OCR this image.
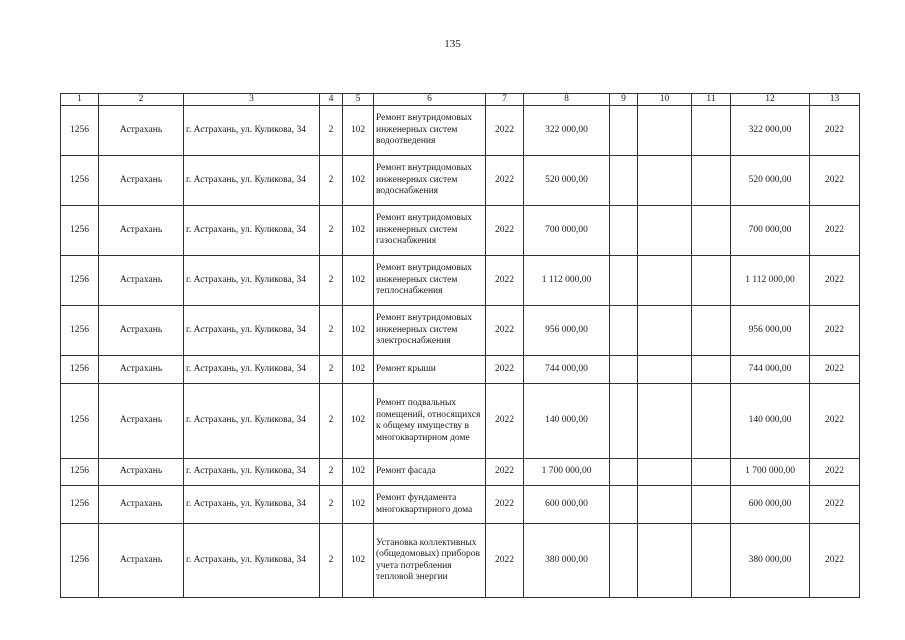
135
1	2	3	4	5	6	7	8	9	10	11	12	13
1256	Астрахань	г. Астрахань, ул. Куликова, 34	2	102	Ремонт внутридомовых инженерных систем водоотведения	2022	322 000,00				322 000,00	2022
1256	Астрахань	г. Астрахань, ул. Куликова, 34	2	102	Ремонт внутридомовых инженерных систем водоснабжения	2022	520 000,00				520 000,00	2022
1256	Астрахань	г. Астрахань, ул. Куликова, 34	2	102	Ремонт внутридомовых инженерных систем газоснабжения	2022	700 000,00				700 000,00	2022
1256	Астрахань	г. Астрахань, ул. Куликова, 34	2	102	Ремонт внутридомовых инженерных систем теплоснабжения	2022	1 112 000,00				1 112 000,00	2022
1256	Астрахань	г. Астрахань, ул. Куликова, 34	2	102	Ремонт внутридомовых инженерных систем электроснабжения	2022	956 000,00				956 000,00	2022
1256	Астрахань	г. Астрахань, ул. Куликова, 34	2	102	Ремонт крыши	2022	744 000,00				744 000,00	2022
1256	Астрахань	г. Астрахань, ул. Куликова, 34	2	102	Ремонт подвальных помещений, относящихся к общему имуществу в многоквартирном доме	2022	140 000,00				140 000,00	2022
1256	Астрахань	г. Астрахань, ул. Куликова, 34	2	102	Ремонт фасада	2022	1 700 000,00				1 700 000,00	2022
1256	Астрахань	г. Астрахань, ул. Куликова, 34	2	102	Ремонт фундамента многоквартирного дома	2022	600 000,00				600 000,00	2022
1256	Астрахань	г. Астрахань, ул. Куликова, 34	2	102	Установка коллективных (общедомовых) приборов учета потребления тепловой энергии	2022	380 000,00				380 000,00	2022
